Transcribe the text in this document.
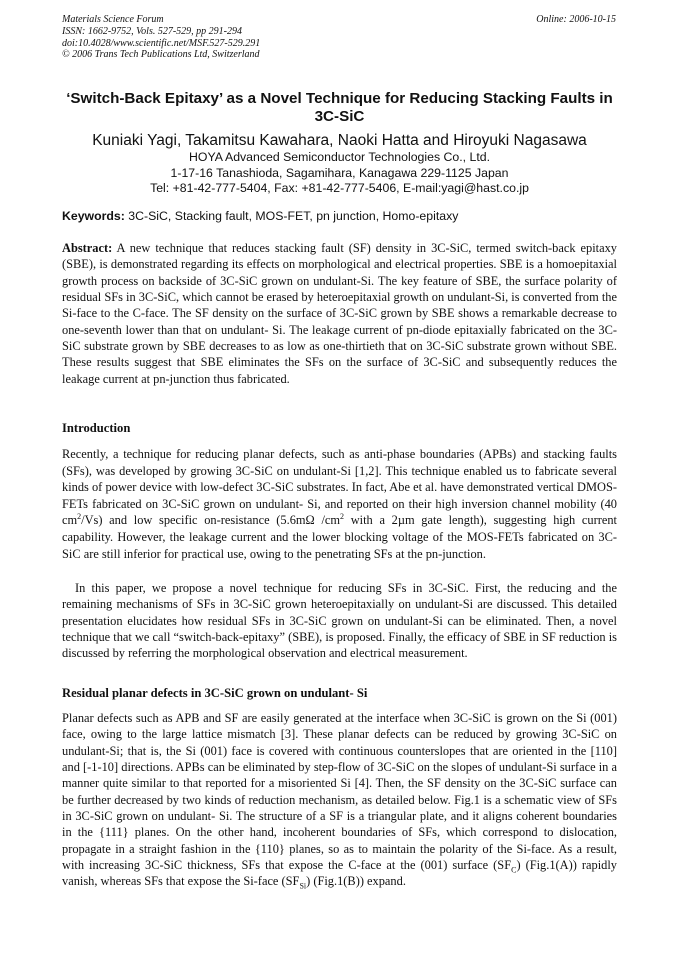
Materials Science Forum
ISSN: 1662-9752, Vols. 527-529, pp 291-294
doi:10.4028/www.scientific.net/MSF.527-529.291
© 2006 Trans Tech Publications Ltd, Switzerland
Online: 2006-10-15
‘Switch-Back Epitaxy’ as a Novel Technique for Reducing Stacking Faults in 3C-SiC
Kuniaki Yagi, Takamitsu Kawahara, Naoki Hatta and Hiroyuki Nagasawa
HOYA Advanced Semiconductor Technologies Co., Ltd.
1-17-16 Tanashioda, Sagamihara, Kanagawa 229-1125 Japan
Tel: +81-42-777-5404, Fax: +81-42-777-5406, E-mail:yagi@hast.co.jp
Keywords: 3C-SiC, Stacking fault, MOS-FET, pn junction, Homo-epitaxy
Abstract: A new technique that reduces stacking fault (SF) density in 3C-SiC, termed switch-back epitaxy (SBE), is demonstrated regarding its effects on morphological and electrical properties. SBE is a homoepitaxial growth process on backside of 3C-SiC grown on undulant-Si. The key feature of SBE, the surface polarity of residual SFs in 3C-SiC, which cannot be erased by heteroepitaxial growth on undulant-Si, is converted from the Si-face to the C-face. The SF density on the surface of 3C-SiC grown by SBE shows a remarkable decrease to one-seventh lower than that on undulant- Si. The leakage current of pn-diode epitaxially fabricated on the 3C-SiC substrate grown by SBE decreases to as low as one-thirtieth that on 3C-SiC substrate grown without SBE. These results suggest that SBE eliminates the SFs on the surface of 3C-SiC and subsequently reduces the leakage current at pn-junction thus fabricated.
Introduction
Recently, a technique for reducing planar defects, such as anti-phase boundaries (APBs) and stacking faults (SFs), was developed by growing 3C-SiC on undulant-Si [1,2]. This technique enabled us to fabricate several kinds of power device with low-defect 3C-SiC substrates. In fact, Abe et al. have demonstrated vertical DMOS-FETs fabricated on 3C-SiC grown on undulant- Si, and reported on their high inversion channel mobility (40 $cm^2/Vs$) and low specific on-resistance (5.6mΩ $/cm^2$ with a 2µm gate length), suggesting high current capability. However, the leakage current and the lower blocking voltage of the MOS-FETs fabricated on 3C-SiC are still inferior for practical use, owing to the penetrating SFs at the pn-junction.
In this paper, we propose a novel technique for reducing SFs in 3C-SiC. First, the reducing and the remaining mechanisms of SFs in 3C-SiC grown heteroepitaxially on undulant-Si are discussed. This detailed presentation elucidates how residual SFs in 3C-SiC grown on undulant-Si can be eliminated. Then, a novel technique that we call “switch-back-epitaxy” (SBE), is proposed. Finally, the efficacy of SBE in SF reduction is discussed by referring the morphological observation and electrical measurement.
Residual planar defects in 3C-SiC grown on undulant- Si
Planar defects such as APB and SF are easily generated at the interface when 3C-SiC is grown on the Si (001) face, owing to the large lattice mismatch [3]. These planar defects can be reduced by growing 3C-SiC on undulant-Si; that is, the Si (001) face is covered with continuous counterslopes that are oriented in the [110] and [-1-10] directions. APBs can be eliminated by step-flow of 3C-SiC on the slopes of undulant-Si surface in a manner quite similar to that reported for a misoriented Si [4]. Then, the SF density on the 3C-SiC surface can be further decreased by two kinds of reduction mechanism, as detailed below. Fig.1 is a schematic view of SFs in 3C-SiC grown on undulant- Si. The structure of a SF is a triangular plate, and it aligns coherent boundaries in the {111} planes. On the other hand, incoherent boundaries of SFs, which correspond to dislocation, propagate in a straight fashion in the {110} planes, so as to maintain the polarity of the Si-face. As a result, with increasing 3C-SiC thickness, SFs that expose the C-face at the (001) surface $(SF_C)$ (Fig.1(A)) rapidly vanish, whereas SFs that expose the Si-face $(SF_{Si})$ (Fig.1(B)) expand.
